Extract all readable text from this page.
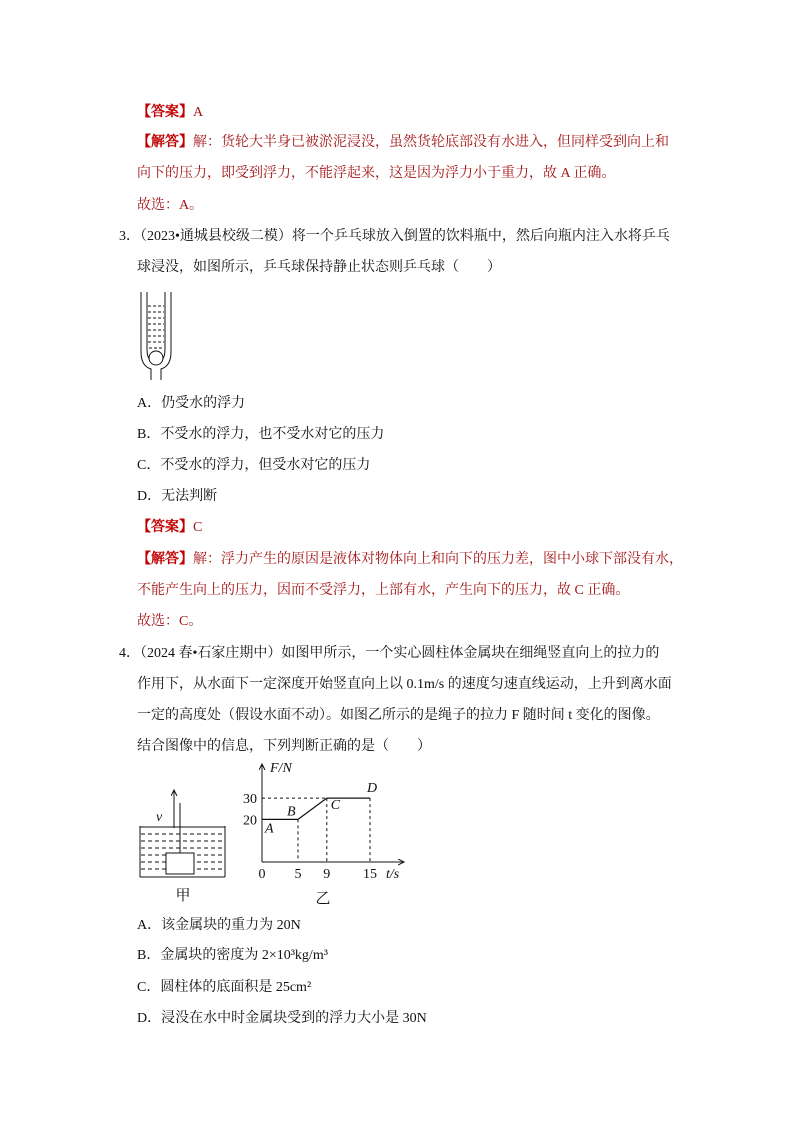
【答案】A
【解答】解：货轮大半身已被淤泥浸没，虽然货轮底部没有水进入，但同样受到向上和
向下的压力，即受到浮力，不能浮起来，这是因为浮力小于重力，故 A 正确。
故选：A。
3．（2023•通城县校级二模）将一个乒乓球放入倒置的饮料瓶中，然后向瓶内注入水将乒乓
球浸没，如图所示，乒乓球保持静止状态则乒乓球（　　）
A．仍受水的浮力
B．不受水的浮力，也不受水对它的压力
C．不受水的浮力，但受水对它的压力
D．无法判断
【答案】C
【解答】解：浮力产生的原因是液体对物体向上和向下的压力差，图中小球下部没有水，
不能产生向上的压力，因而不受浮力，上部有水，产生向下的压力，故 C 正确。
故选：C。
4．（2024 春•石家庄期中）如图甲所示，一个实心圆柱体金属块在细绳竖直向上的拉力的
作用下，从水面下一定深度开始竖直向上以 0.1m/s 的速度匀速直线运动，上升到离水面
一定的高度处（假设水面不动）。如图乙所示的是绳子的拉力 F 随时间 t 变化的图像。
结合图像中的信息，下列判断正确的是（　　）
v
甲
20
30
0 5 9 15
A
B	C
D
F/N
t/s
乙
A．该金属块的重力为 20N
B．金属块的密度为 2×10³kg/m³
C．圆柱体的底面积是 25cm²
D．浸没在水中时金属块受到的浮力大小是 30N
